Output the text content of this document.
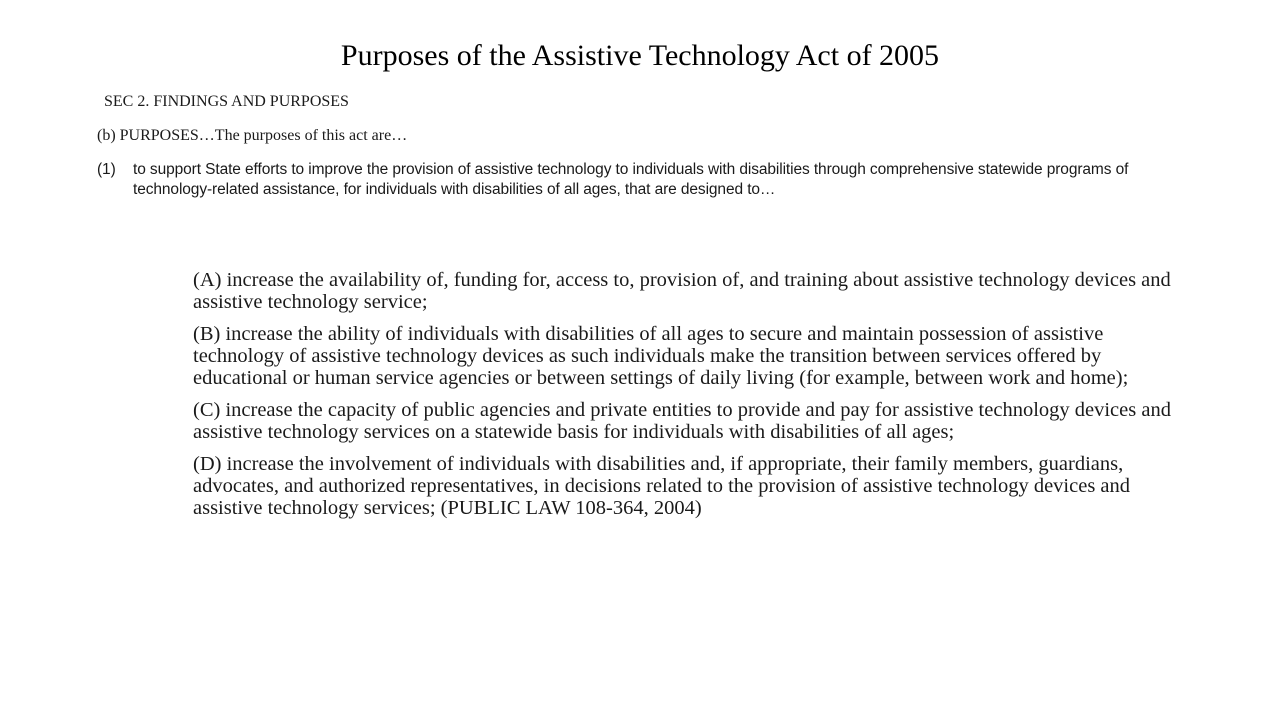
Purposes of the Assistive Technology Act of 2005
SEC 2. FINDINGS AND PURPOSES
(b) PURPOSES…The purposes of this act are…
(1) to support State efforts to improve the provision of assistive technology to individuals with disabilities through comprehensive statewide programs of technology-related assistance, for individuals with disabilities of all ages, that are designed to…

(A) increase the availability of, funding for, access to, provision of, and training about assistive technology devices and assistive technology service;

(B) increase the ability of individuals with disabilities of all ages to secure and maintain possession of assistive technology of assistive technology devices as such individuals make the transition between services offered by educational or human service agencies or between settings of daily living (for example, between work and home);

(C) increase the capacity of public agencies and private entities to provide and pay for assistive technology devices and assistive technology services on a statewide basis for individuals with disabilities of all ages;

(D) increase the involvement of individuals with disabilities and, if appropriate, their family members, guardians, advocates, and authorized representatives, in decisions related to the provision of assistive technology devices and assistive technology services; (PUBLIC LAW 108-364, 2004)
